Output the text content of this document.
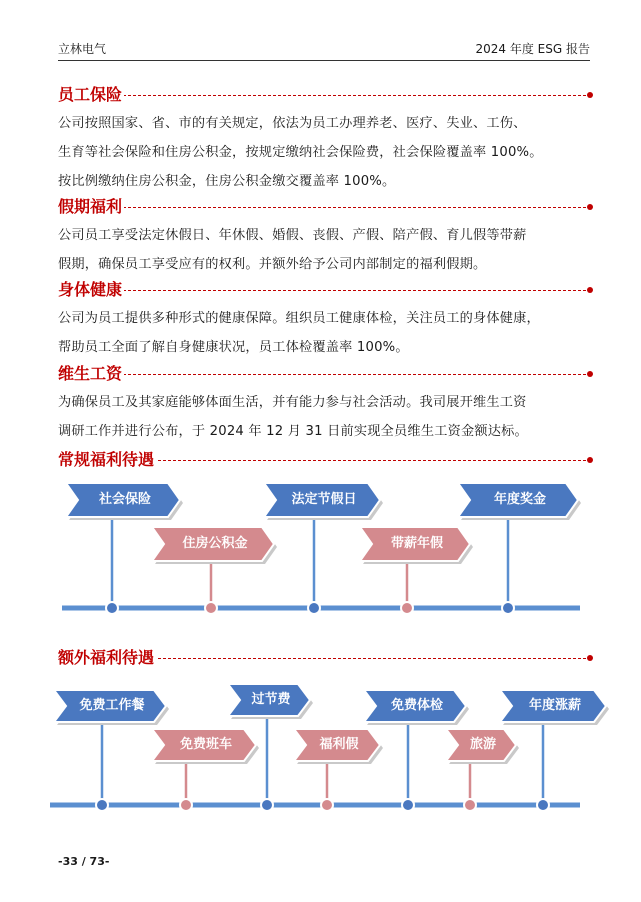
立林电气	2024 年度 ESG 报告
员工保险

公司按照国家、省、市的有关规定，依法为员工办理养老、医疗、失业、工伤、
生育等社会保险和住房公积金，按规定缴纳社会保险费，社会保险覆盖率 100%。
按比例缴纳住房公积金，住房公积金缴交覆盖率 100%。

假期福利

公司员工享受法定休假日、年休假、婚假、丧假、产假、陪产假、育儿假等带薪
假期，确保员工享受应有的权利。并额外给予公司内部制定的福利假期。

身体健康

公司为员工提供多种形式的健康保障。组织员工健康体检，关注员工的身体健康，
帮助员工全面了解自身健康状况，员工体检覆盖率 100%。

维生工资

为确保员工及其家庭能够体面生活，并有能力参与社会活动。我司展开维生工资
调研工作并进行公布，于 2024 年 12 月 31 日前实现全员维生工资金额达标。

常规福利待遇
社会保险
住房公积金
法定节假日
带薪年假
年度奖金
额外福利待遇
免费工作餐
免费班车
过节费
福利假
免费体检
旅游
年度涨薪
-33 / 73-
